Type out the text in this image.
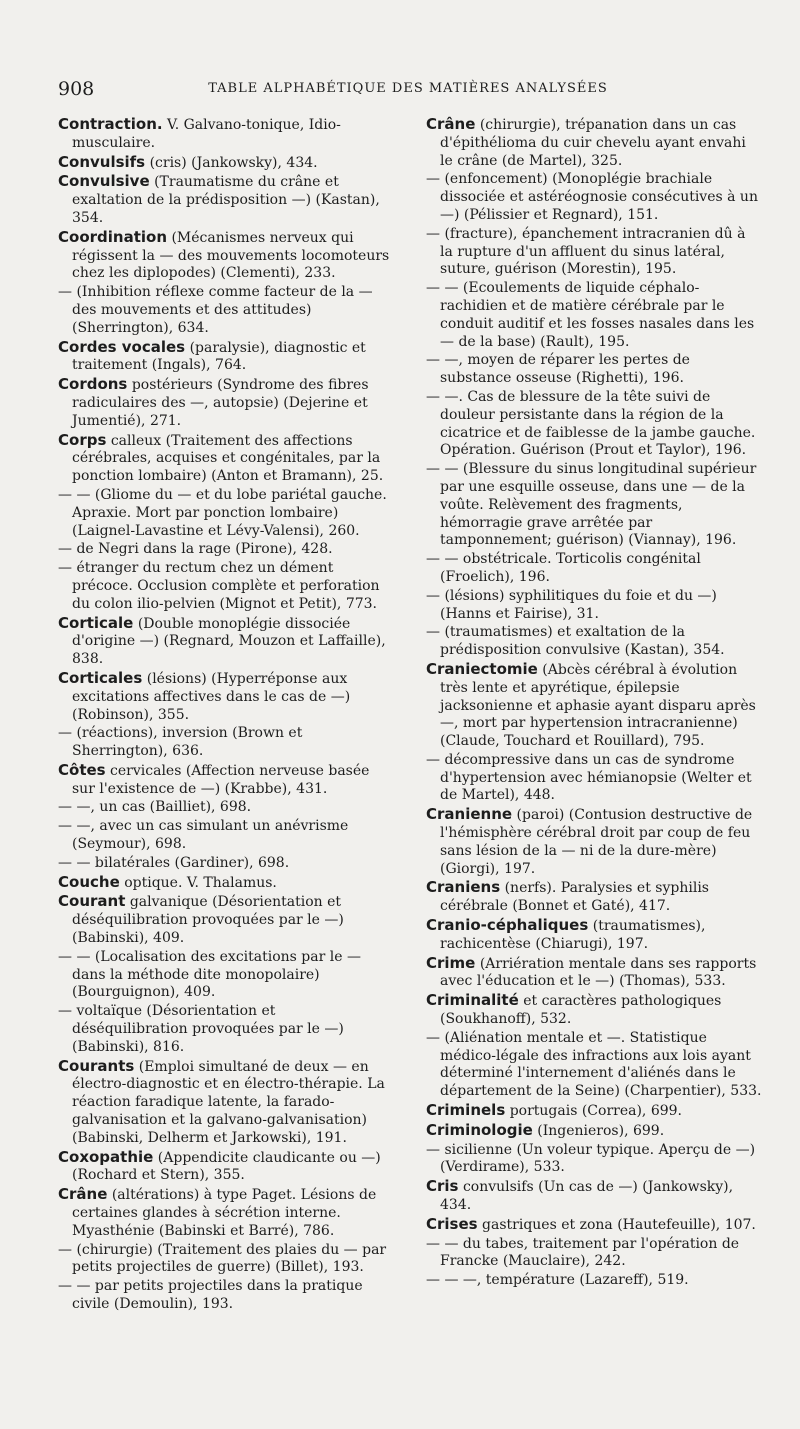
908	TABLE ALPHABÉTIQUE DES MATIÈRES ANALYSÉES

Contraction. V. Galvano-tonique, Idio-musculaire.

Convulsifs (cris) (Jankowsky), 434.

Convulsive (Traumatisme du crâne et exaltation de la prédisposition —) (Kastan), 354.

Coordination (Mécanismes nerveux qui régissent la — des mouvements locomoteurs chez les diplopodes) (Clementi), 233.

— (Inhibition réflexe comme facteur de la — des mouvements et des attitudes) (Sherrington), 634.

Cordes vocales (paralysie), diagnostic et traitement (Ingals), 764.

Cordons postérieurs (Syndrome des fibres radiculaires des —, autopsie) (Dejerine et Jumentié), 271.

Corps calleux (Traitement des affections cérébrales, acquises et congénitales, par la ponction lombaire) (Anton et Bramann), 25.

— — (Gliome du — et du lobe pariétal gauche. Apraxie. Mort par ponction lombaire) (Laignel-Lavastine et Lévy-Valensi), 260.

— de Negri dans la rage (Pirone), 428.

— étranger du rectum chez un dément précoce. Occlusion complète et perforation du colon ilio-pelvien (Mignot et Petit), 773.

Corticale (Double monoplégie dissociée d'origine —) (Regnard, Mouzon et Laffaille), 838.

Corticales (lésions) (Hyperréponse aux excitations affectives dans le cas de —) (Robinson), 355.

— (réactions), inversion (Brown et Sherrington), 636.

Côtes cervicales (Affection nerveuse basée sur l'existence de —) (Krabbe), 431.

— —, un cas (Bailliet), 698.

— —, avec un cas simulant un anévrisme (Seymour), 698.

— — bilatérales (Gardiner), 698.

Couche optique. V. Thalamus.

Courant galvanique (Désorientation et déséquilibration provoquées par le —) (Babinski), 409.

— — (Localisation des excitations par le — dans la méthode dite monopolaire) (Bourguignon), 409.

— voltaïque (Désorientation et déséquilibration provoquées par le —) (Babinski), 816.

Courants (Emploi simultané de deux — en électro-diagnostic et en électro-thérapie. La réaction faradique latente, la farado-galvanisation et la galvano-galvanisation) (Babinski, Delherm et Jarkowski), 191.

Coxopathie (Appendicite claudicante ou —) (Rochard et Stern), 355.

Crâne (altérations) à type Paget. Lésions de certaines glandes à sécrétion interne. Myasthénie (Babinski et Barré), 786.

— (chirurgie) (Traitement des plaies du — par petits projectiles de guerre) (Billet), 193.

— — par petits projectiles dans la pratique civile (Demoulin), 193.

Crâne (chirurgie), trépanation dans un cas d'épithélioma du cuir chevelu ayant envahi le crâne (de Martel), 325.

— (enfoncement) (Monoplégie brachiale dissociée et astéréognosie consécutives à un —) (Pélissier et Regnard), 151.

— (fracture), épanchement intracranien dû à la rupture d'un affluent du sinus latéral, suture, guérison (Morestin), 195.

— — (Ecoulements de liquide céphalo-rachidien et de matière cérébrale par le conduit auditif et les fosses nasales dans les — de la base) (Rault), 195.

— —, moyen de réparer les pertes de substance osseuse (Righetti), 196.

— —. Cas de blessure de la tête suivi de douleur persistante dans la région de la cicatrice et de faiblesse de la jambe gauche. Opération. Guérison (Prout et Taylor), 196.

— — (Blessure du sinus longitudinal supérieur par une esquille osseuse, dans une — de la voûte. Relèvement des fragments, hémorragie grave arrêtée par tamponnement; guérison) (Viannay), 196.

— — obstétricale. Torticolis congénital (Froelich), 196.

— (lésions) syphilitiques du foie et du —) (Hanns et Fairise), 31.

— (traumatismes) et exaltation de la prédisposition convulsive (Kastan), 354.

Craniectomie (Abcès cérébral à évolution très lente et apyrétique, épilepsie jacksonienne et aphasie ayant disparu après —, mort par hypertension intracranienne) (Claude, Touchard et Rouillard), 795.

— décompressive dans un cas de syndrome d'hypertension avec hémianopsie (Welter et de Martel), 448.

Cranienne (paroi) (Contusion destructive de l'hémisphère cérébral droit par coup de feu sans lésion de la — ni de la dure-mère) (Giorgi), 197.

Craniens (nerfs). Paralysies et syphilis cérébrale (Bonnet et Gaté), 417.

Cranio-céphaliques (traumatismes), rachicentèse (Chiarugi), 197.

Crime (Arriération mentale dans ses rapports avec l'éducation et le —) (Thomas), 533.

Criminalité et caractères pathologiques (Soukhanoff), 532.

— (Aliénation mentale et —. Statistique médico-légale des infractions aux lois ayant déterminé l'internement d'aliénés dans le département de la Seine) (Charpentier), 533.

Criminels portugais (Correa), 699.

Criminologie (Ingenieros), 699.

— sicilienne (Un voleur typique. Aperçu de —) (Verdirame), 533.

Cris convulsifs (Un cas de —) (Jankowsky), 434.

Crises gastriques et zona (Hautefeuille), 107.

— — du tabes, traitement par l'opération de Francke (Mauclaire), 242.

— — —, température (Lazareff), 519.
